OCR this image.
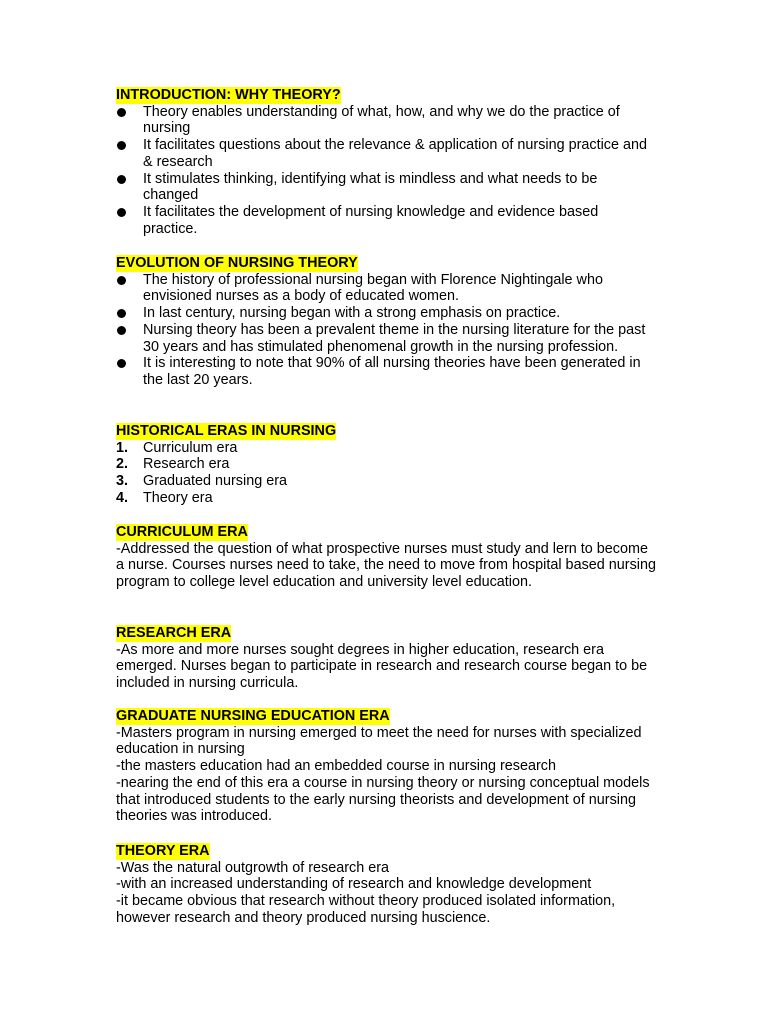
INTRODUCTION: WHY THEORY?
Theory enables understanding of what, how, and why we do the practice of nursing
It facilitates questions about the relevance & application of nursing practice and & research
It stimulates thinking, identifying what is mindless and what needs to be changed
It facilitates the development of nursing knowledge and evidence based practice.
EVOLUTION OF NURSING THEORY
The history of professional nursing began with Florence Nightingale who envisioned nurses as a body of educated women.
In last century, nursing began with a strong emphasis on practice.
Nursing theory has been a prevalent theme in the nursing literature for the past 30 years and has stimulated phenomenal growth in the nursing profession.
It is interesting to note that 90% of all nursing theories have been generated in the last 20 years.
HISTORICAL ERAS IN NURSING
1. Curriculum era
2. Research era
3. Graduated nursing era
4. Theory era
CURRICULUM ERA
-Addressed the question of what prospective nurses must study and lern to become a nurse. Courses nurses need to take, the need to move from hospital based nursing program to college level education and university level education.
RESEARCH ERA
-As more and more nurses sought degrees in higher education, research era emerged. Nurses began to participate in research and research course began to be included in nursing curricula.
GRADUATE NURSING EDUCATION ERA
-Masters program in nursing emerged to meet the need for nurses with specialized education in nursing
-the masters education had an embedded course in nursing research
-nearing the end of this era a course in nursing theory or nursing conceptual models that introduced students to the early nursing theorists and development of nursing theories was introduced.
THEORY ERA
-Was the natural outgrowth of research era
-with an increased understanding of research and knowledge development
-it became obvious that research without theory produced isolated information, however research and theory produced nursing huscience.
